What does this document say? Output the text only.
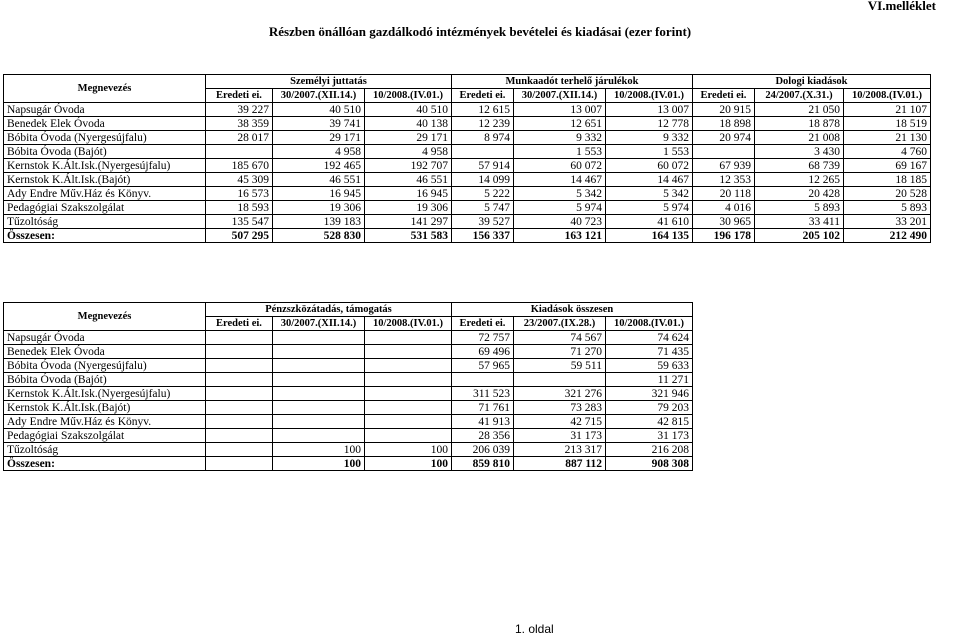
VI.melléklet
Részben önállóan gazdálkodó intézmények bevételei és kiadásai (ezer forint)
Megnevezés	Személyi juttatás			Munkaadót terhelő járulékok			Dologi kiadások		
	Eredeti ei.	30/2007.(XII.14.)	10/2008.(IV.01.)	Eredeti ei.	30/2007.(XII.14.)	10/2008.(IV.01.)	Eredeti ei.	24/2007.(X.31.)	10/2008.(IV.01.)
Napsugár Óvoda	39 227	40 510	40 510	12 615	13 007	13 007	20 915	21 050	21 107
Benedek Elek Óvoda	38 359	39 741	40 138	12 239	12 651	12 778	18 898	18 878	18 519
Bóbita Óvoda (Nyergesújfalu)	28 017	29 171	29 171	8 974	9 332	9 332	20 974	21 008	21 130
Bóbita Óvoda (Bajót)		4 958	4 958		1 553	1 553		3 430	4 760
Kernstok K.Ált.Isk.(Nyergesújfalu)	185 670	192 465	192 707	57 914	60 072	60 072	67 939	68 739	69 167
Kernstok K.Ált.Isk.(Bajót)	45 309	46 551	46 551	14 099	14 467	14 467	12 353	12 265	18 185
Ady Endre Műv.Ház és Könyv.	16 573	16 945	16 945	5 222	5 342	5 342	20 118	20 428	20 528
Pedagógiai Szakszolgálat	18 593	19 306	19 306	5 747	5 974	5 974	4 016	5 893	5 893
Tűzoltóság	135 547	139 183	141 297	39 527	40 723	41 610	30 965	33 411	33 201
Összesen:	507 295	528 830	531 583	156 337	163 121	164 135	196 178	205 102	212 490
Megnevezés	Pénzszközátadás, támogatás			Kiadások összesen		
	Eredeti ei.	30/2007.(XII.14.)	10/2008.(IV.01.)	Eredeti ei.	23/2007.(IX.28.)	10/2008.(IV.01.)
Napsugár Óvoda				72 757	74 567	74 624
Benedek Elek Óvoda				69 496	71 270	71 435
Bóbita Óvoda (Nyergesújfalu)				57 965	59 511	59 633
Bóbita Óvoda (Bajót)						11 271
Kernstok K.Ált.Isk.(Nyergesújfalu)				311 523	321 276	321 946
Kernstok K.Ált.Isk.(Bajót)				71 761	73 283	79 203
Ady Endre Műv.Ház és Könyv.				41 913	42 715	42 815
Pedagógiai Szakszolgálat				28 356	31 173	31 173
Tűzoltóság		100	100	206 039	213 317	216 208
Összesen:		100	100	859 810	887 112	908 308
1. oldal
